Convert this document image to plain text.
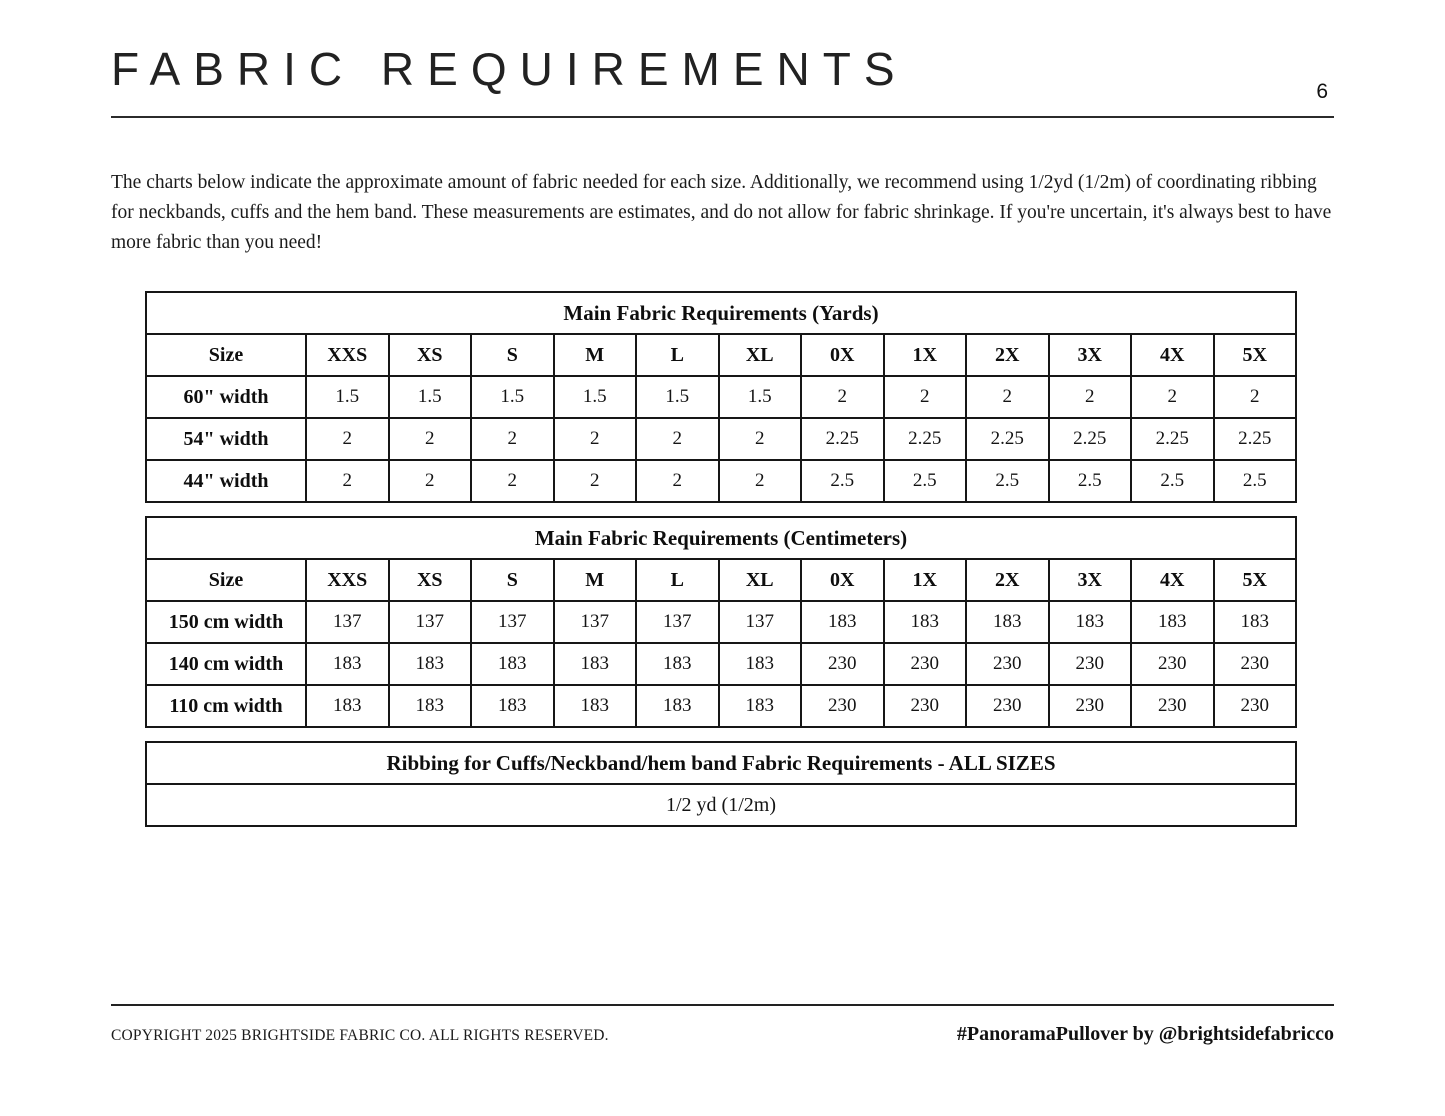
FABRIC REQUIREMENTS	6

The charts below indicate the approximate amount of fabric needed for each size. Additionally, we recommend using 1/2yd (1/2m) of coordinating ribbing for neckbands, cuffs and the hem band. These measurements are estimates, and do not allow for fabric shrinkage. If you're uncertain, it's always best to have more fabric than you need!

Main Fabric Requirements (Yards)												
Size	XXS	XS	S	M	L	XL	0X	1X	2X	3X	4X	5X
60" width	1.5	1.5	1.5	1.5	1.5	1.5	2	2	2	2	2	2
54" width	2	2	2	2	2	2	2.25	2.25	2.25	2.25	2.25	2.25
44" width	2	2	2	2	2	2	2.5	2.5	2.5	2.5	2.5	2.5
Main Fabric Requirements (Centimeters)												
Size	XXS	XS	S	M	L	XL	0X	1X	2X	3X	4X	5X
150 cm width	137	137	137	137	137	137	183	183	183	183	183	183
140 cm width	183	183	183	183	183	183	230	230	230	230	230	230
110 cm width	183	183	183	183	183	183	230	230	230	230	230	230
Ribbing for Cuffs/Neckband/hem band Fabric Requirements - ALL SIZES
1/2 yd (1/2m)
COPYRIGHT 2025 BRIGHTSIDE FABRIC CO. ALL RIGHTS RESERVED.	#PanoramaPullover by @brightsidefabricco
